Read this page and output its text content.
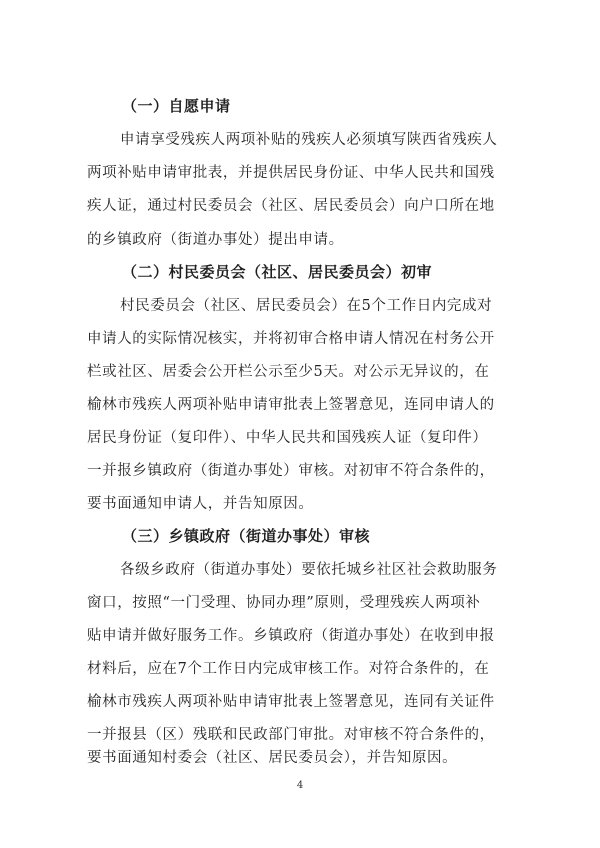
（一）自愿申请
申请享受残疾人两项补贴的残疾人必须填写陕西省残疾人
两项补贴申请审批表，并提供居民身份证、中华人民共和国残
疾人证，通过村民委员会（社区、居民委员会）向户口所在地
的乡镇政府（街道办事处）提出申请。
（二）村民委员会（社区、居民委员会）初审
村民委员会（社区、居民委员会）在5个工作日内完成对
申请人的实际情况核实，并将初审合格申请人情况在村务公开
栏或社区、居委会公开栏公示至少5天。对公示无异议的，在
榆林市残疾人两项补贴申请审批表上签署意见，连同申请人的
居民身份证（复印件）、中华人民共和国残疾人证（复印件）
一并报乡镇政府（街道办事处）审核。对初审不符合条件的，
要书面通知申请人，并告知原因。
（三）乡镇政府（街道办事处）审核
各级乡政府（街道办事处）要依托城乡社区社会救助服务
窗口，按照“一门受理、协同办理”原则，受理残疾人两项补
贴申请并做好服务工作。乡镇政府（街道办事处）在收到申报
材料后，应在7个工作日内完成审核工作。对符合条件的，在
榆林市残疾人两项补贴申请审批表上签署意见，连同有关证件
一并报县（区）残联和民政部门审批。对审核不符合条件的，
要书面通知村委会（社区、居民委员会），并告知原因。
4
